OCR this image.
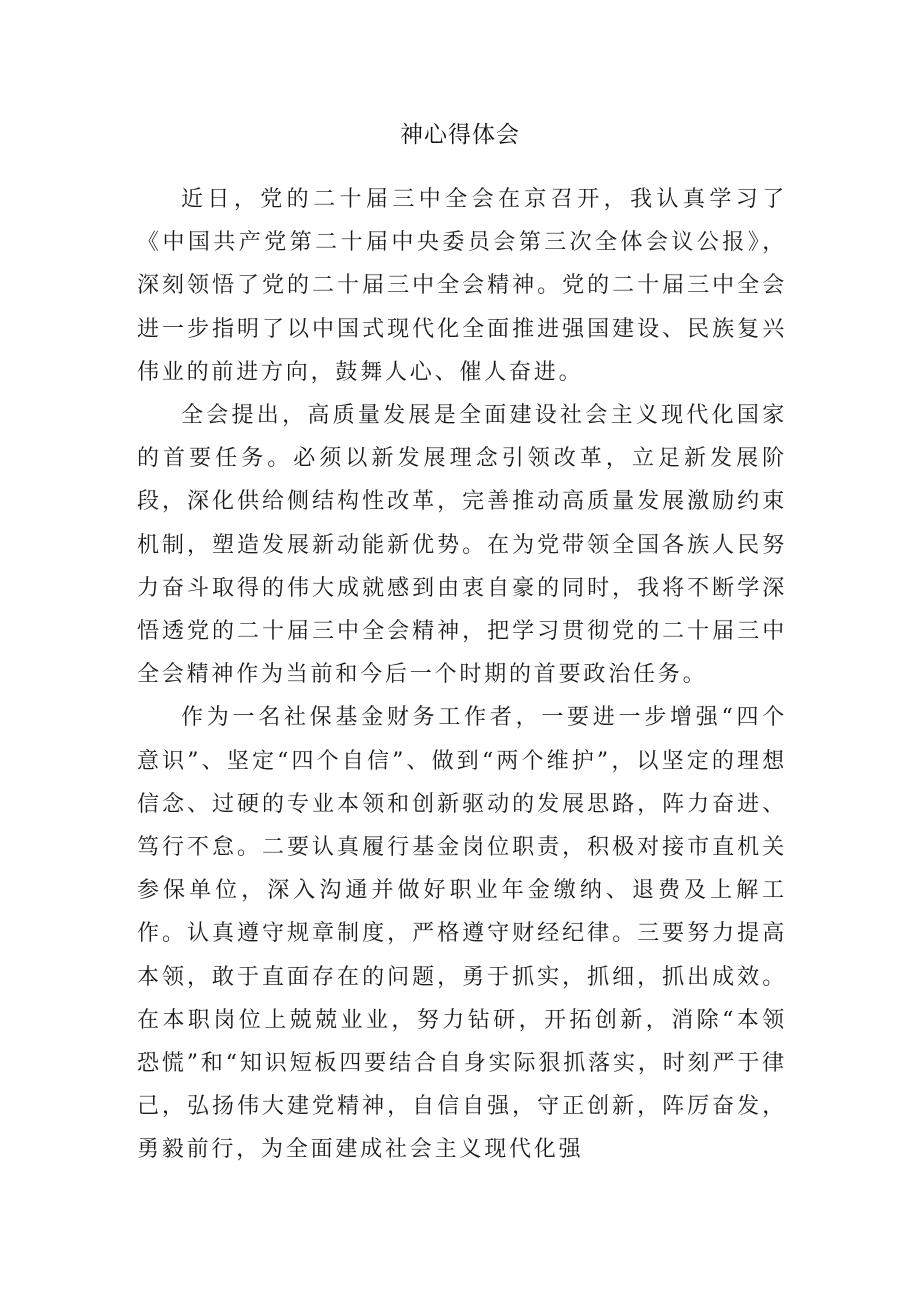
神心得体会

近日，党的二十届三中全会在京召开，我认真学习了《中国共产党第二十届中央委员会第三次全体会议公报》，深刻领悟了党的二十届三中全会精神。党的二十届三中全会进一步指明了以中国式现代化全面推进强国建设、民族复兴伟业的前进方向，鼓舞人心、催人奋进。

全会提出，高质量发展是全面建设社会主义现代化国家的首要任务。必须以新发展理念引领改革，立足新发展阶段，深化供给侧结构性改革，完善推动高质量发展激励约束机制，塑造发展新动能新优势。在为党带领全国各族人民努力奋斗取得的伟大成就感到由衷自豪的同时，我将不断学深悟透党的二十届三中全会精神，把学习贯彻党的二十届三中全会精神作为当前和今后一个时期的首要政治任务。

作为一名社保基金财务工作者，一要进一步增强“四个意识”、坚定“四个自信”、做到“两个维护”，以坚定的理想信念、过硬的专业本领和创新驱动的发展思路，阵力奋进、笃行不怠。二要认真履行基金岗位职责，积极对接市直机关参保单位，深入沟通并做好职业年金缴纳、退费及上解工作。认真遵守规章制度，严格遵守财经纪律。三要努力提高本领，敢于直面存在的问题，勇于抓实，抓细，抓出成效。在本职岗位上兢兢业业，努力钻研，开拓创新，消除“本领恐慌”和“知识短板四要结合自身实际狠抓落实，时刻严于律己，弘扬伟大建党精神，自信自强，守正创新，阵厉奋发，勇毅前行，为全面建成社会主义现代化强
